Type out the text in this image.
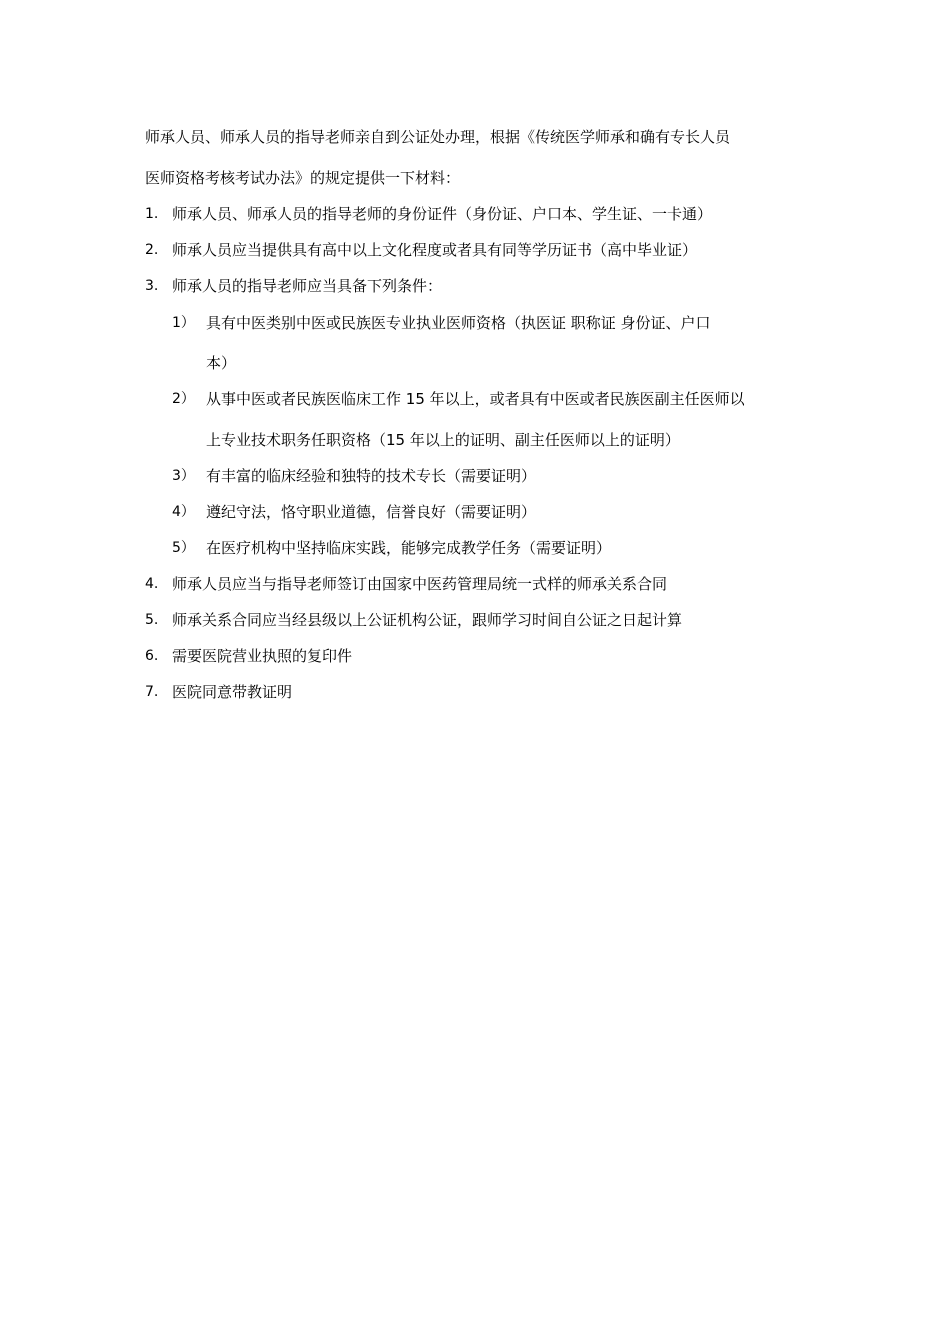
师承人员、师承人员的指导老师亲自到公证处办理，根据《传统医学师承和确有专长人员
医师资格考核考试办法》的规定提供一下材料：
1. 师承人员、师承人员的指导老师的身份证件（身份证、户口本、学生证、一卡通）
2. 师承人员应当提供具有高中以上文化程度或者具有同等学历证书（高中毕业证）
3. 师承人员的指导老师应当具备下列条件：
1） 具有中医类别中医或民族医专业执业医师资格（执医证 职称证 身份证、户口
本）
2） 从事中医或者民族医临床工作 15 年以上，或者具有中医或者民族医副主任医师以
上专业技术职务任职资格（15 年以上的证明、副主任医师以上的证明）
3） 有丰富的临床经验和独特的技术专长（需要证明）
4） 遵纪守法，恪守职业道德，信誉良好（需要证明）
5） 在医疗机构中坚持临床实践，能够完成教学任务（需要证明）
4. 师承人员应当与指导老师签订由国家中医药管理局统一式样的师承关系合同
5. 师承关系合同应当经县级以上公证机构公证，跟师学习时间自公证之日起计算
6. 需要医院营业执照的复印件
7. 医院同意带教证明
